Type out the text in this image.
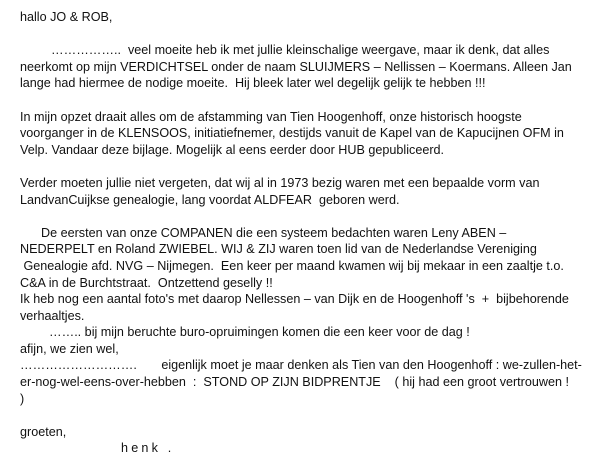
hallo JO & ROB,
……………..  veel moeite heb ik met jullie kleinschalige weergave, maar ik denk, dat alles
neerkomt op mijn VERDICHTSEL onder de naam SLUIJMERS – Nellissen – Koermans. Alleen Jan
lange had hiermee de nodige moeite.  Hij bleek later wel degelijk gelijk te hebben !!!
In mijn opzet draait alles om de afstamming van Tien Hoogenhoff, onze historisch hoogste
voorganger in de KLENSOOS, initiatiefnemer, destijds vanuit de Kapel van de Kapucijnen OFM in
Velp. Vandaar deze bijlage. Mogelijk al eens eerder door HUB gepubliceerd.
Verder moeten jullie niet vergeten, dat wij al in 1973 bezig waren met een bepaalde vorm van
LandvanCuijkse genealogie, lang voordat ALDFEAR  geboren werd.
De eersten van onze COMPANEN die een systeem bedachten waren Leny ABEN –
NEDERPELT en Roland ZWIEBEL. WIJ & ZIJ waren toen lid van de Nederlandse Vereniging
Genealogie afd. NVG – Nijmegen.  Een keer per maand kwamen wij bij mekaar in een zaaltje t.o.
C&A in de Burchtstraat.  Ontzettend geselly !!
Ik heb nog een aantal foto's met daarop Nellessen – van Dijk en de Hoogenhoff 's  +  bijbehorende
verhaaltjes.
…….. bij mijn beruchte buro-opruimingen komen die een keer voor de dag !
afijn, we zien wel,
……………………….       eigenlijk moet je maar denken als Tien van den Hoogenhoff : we-zullen-het-
er-nog-wel-eens-over-hebben  :  STOND OP ZIJN BIDPRENTJE    ( hij had een groot vertrouwen !
)
groeten,
henk .
